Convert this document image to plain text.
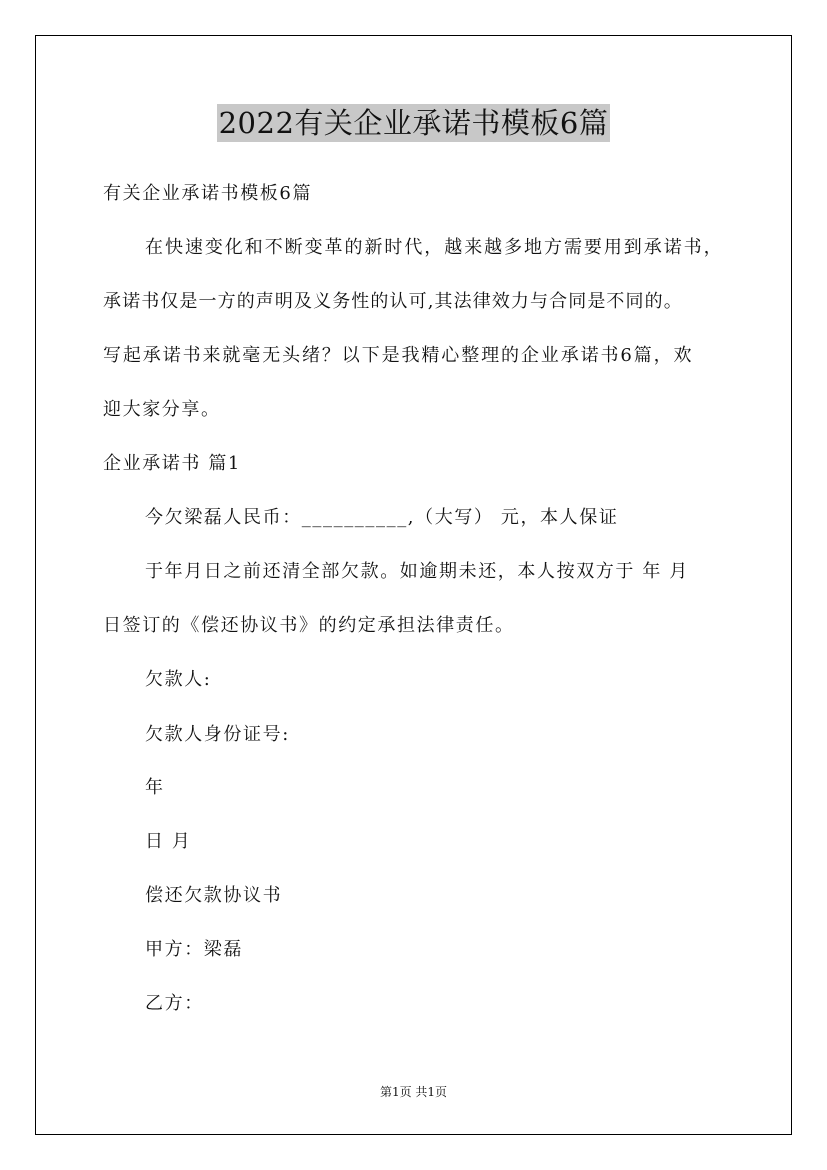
2022有关企业承诺书模板6篇
有关企业承诺书模板6篇
在快速变化和不断变革的新时代，越来越多地方需要用到承诺书，
承诺书仅是一方的声明及义务性的认可,其法律效力与合同是不同的。
写起承诺书来就毫无头绪？以下是我精心整理的企业承诺书6篇，欢
迎大家分享。
企业承诺书 篇1
今欠梁磊人民币：__________,（大写） 元，本人保证
于年月日之前还清全部欠款。如逾期未还，本人按双方于 年 月
日签订的《偿还协议书》的约定承担法律责任。
欠款人:
欠款人身份证号:
年
日 月
偿还欠款协议书
甲方：梁磊
乙方：
第1页 共1页
